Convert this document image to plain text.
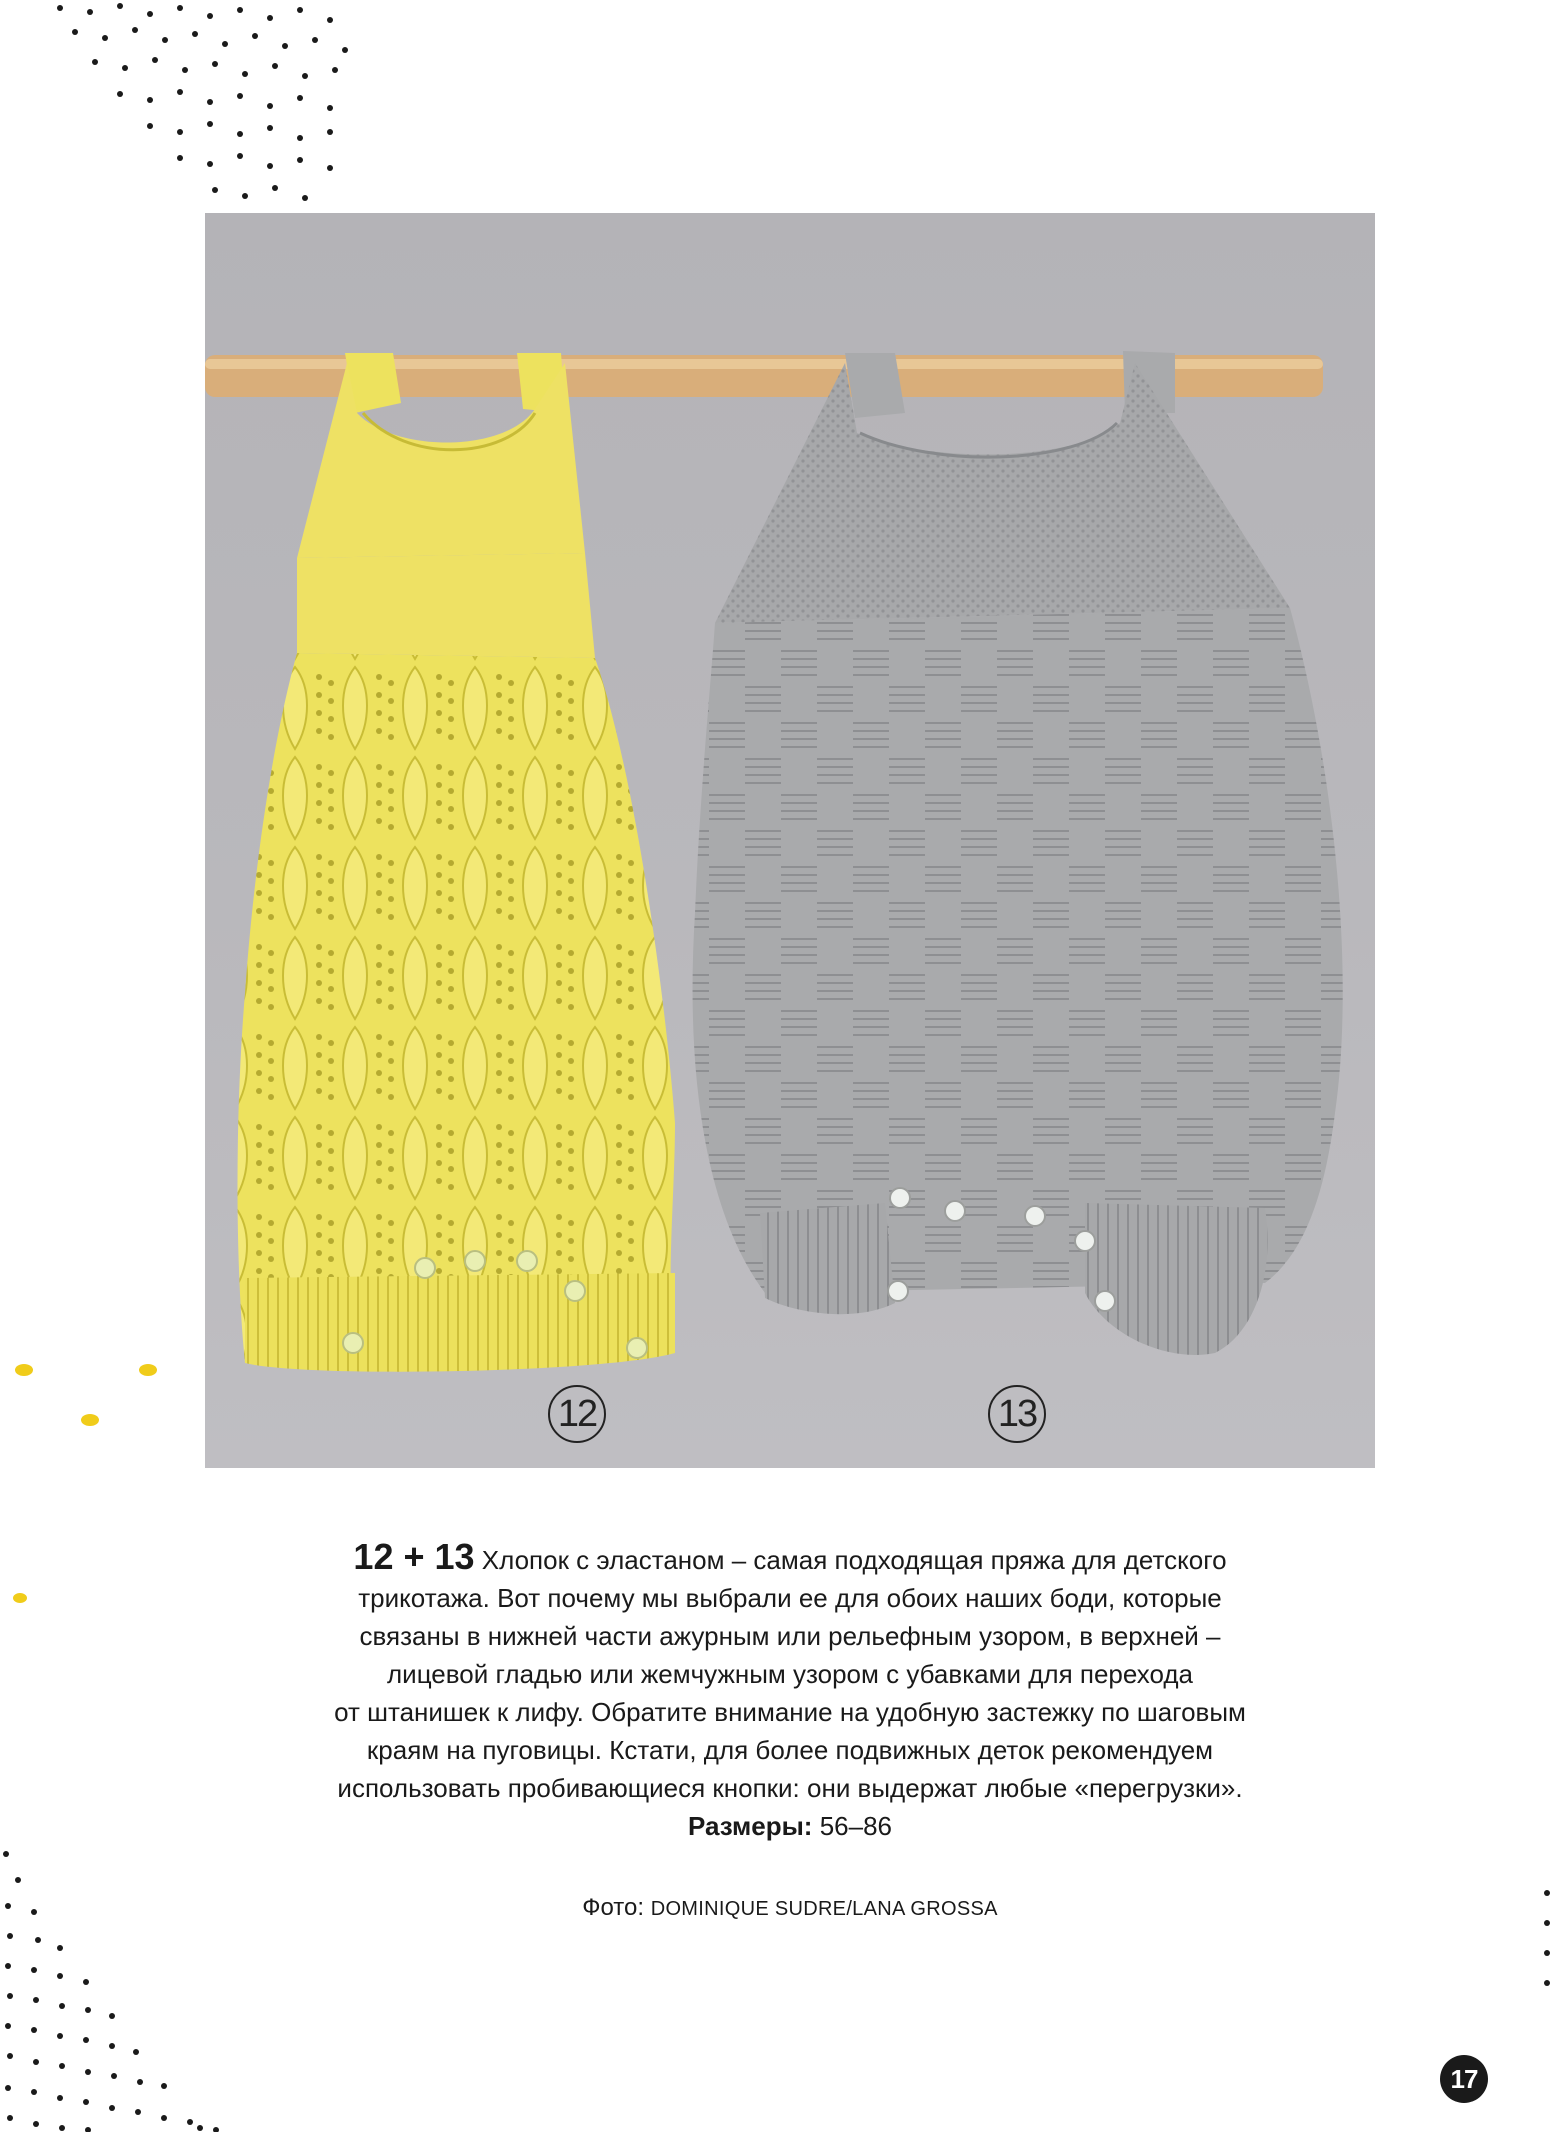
12	13
12 + 13 Хлопок с эластаном – самая подходящая пряжа для детского
трикотажа. Вот почему мы выбрали ее для обоих наших боди, которые
связаны в нижней части ажурным или рельефным узором, в верхней –
лицевой гладью или жемчужным узором с убавками для перехода
от штанишек к лифу. Обратите внимание на удобную застежку по шаговым
краям на пуговицы. Кстати, для более подвижных деток рекомендуем
использовать пробивающиеся кнопки: они выдержат любые «перегрузки».
Размеры: 56–86
Фото: DOMINIQUE SUDRE/LANA GROSSA
17
